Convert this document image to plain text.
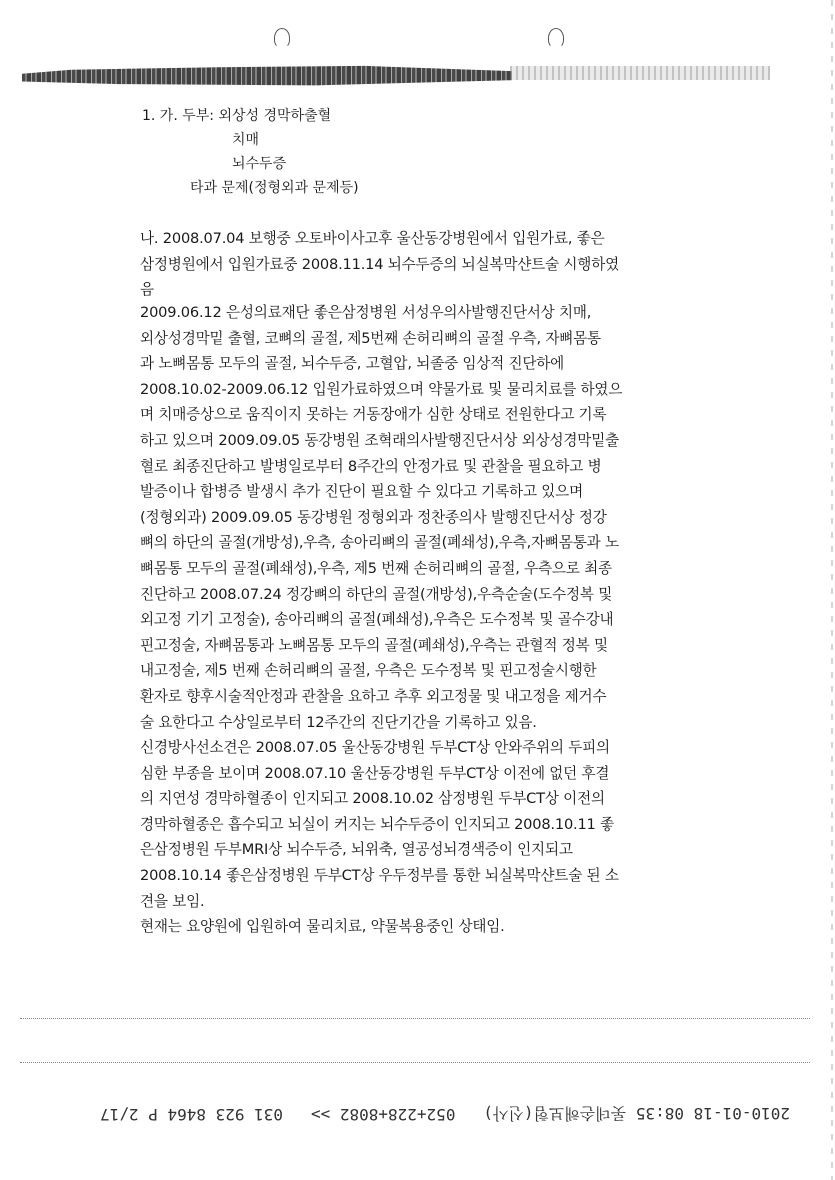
1. 가. 두부: 외상성 경막하출혈
치매
뇌수두증
타과 문제(정형외과 문제등)

나. 2008.07.04 보행중 오토바이사고후 울산동강병원에서 입원가료, 좋은

삼정병원에서 입원가료중 2008.11.14 뇌수두증의 뇌실복막샨트술 시행하였

음

2009.06.12 은성의료재단 좋은삼정병원 서성우의사발행진단서상 치매,

외상성경막밑 출혈, 코뼈의 골절, 제5번째 손허리뼈의 골절 우측, 자뼈몸통

과 노뼈몸통 모두의 골절, 뇌수두증, 고혈압, 뇌졸중 임상적 진단하에

2008.10.02-2009.06.12 입원가료하였으며 약물가료 및 물리치료를 하였으

며 치매증상으로 움직이지 못하는 거동장애가 심한 상태로 전원한다고 기록

하고 있으며 2009.09.05 동강병원 조혁래의사발행진단서상 외상성경막밑출

혈로 최종진단하고 발병일로부터 8주간의 안정가료 및 관찰을 필요하고 병

발증이나 합병증 발생시 추가 진단이 필요할 수 있다고 기록하고 있으며

(정형외과) 2009.09.05 동강병원 정형외과 정찬종의사 발행진단서상 정강

뼈의 하단의 골절(개방성),우측, 송아리뼈의 골절(폐쇄성),우측,자뼈몸통과 노

뼈몸통 모두의 골절(폐쇄성),우측, 제5 번째 손허리뼈의 골절, 우측으로 최종

진단하고 2008.07.24 정강뼈의 하단의 골절(개방성),우측순술(도수정복 및

외고정 기기 고정술), 송아리뼈의 골절(폐쇄성),우측은 도수정복 및 골수강내

핀고정술, 자뼈몸통과 노뼈몸통 모두의 골절(폐쇄성),우측는 관혈적 정복 및

내고정술, 제5 번째 손허리뼈의 골절, 우측은 도수정복 및 핀고정술시행한

환자로 향후시술적안정과 관찰을 요하고 추후 외고정물 및 내고정을 제거수

술 요한다고 수상일로부터 12주간의 진단기간을 기록하고 있음.

신경방사선소견은 2008.07.05 울산동강병원 두부CT상 안와주위의 두피의

심한 부종을 보이며 2008.07.10 울산동강병원 두부CT상 이전에 없던 후결

의 지연성 경막하혈종이 인지되고 2008.10.02 삼정병원 두부CT상 이전의

경막하혈종은 흡수되고 뇌실이 커지는 뇌수두증이 인지되고 2008.10.11 좋

은삼정병원 두부MRI상 뇌수두증, 뇌위축, 열공성뇌경색증이 인지되고

2008.10.14 좋은삼정병원 두부CT상 우두정부를 통한 뇌실복막샨트술 된 소

견을 보임.

현재는 요양원에 입원하여 물리치료, 약물복용중인 상태임.

2010-01-18 08:35 롯데손해보험(신사)
052+228+8082 >>
031 923 8464 P 2/17
